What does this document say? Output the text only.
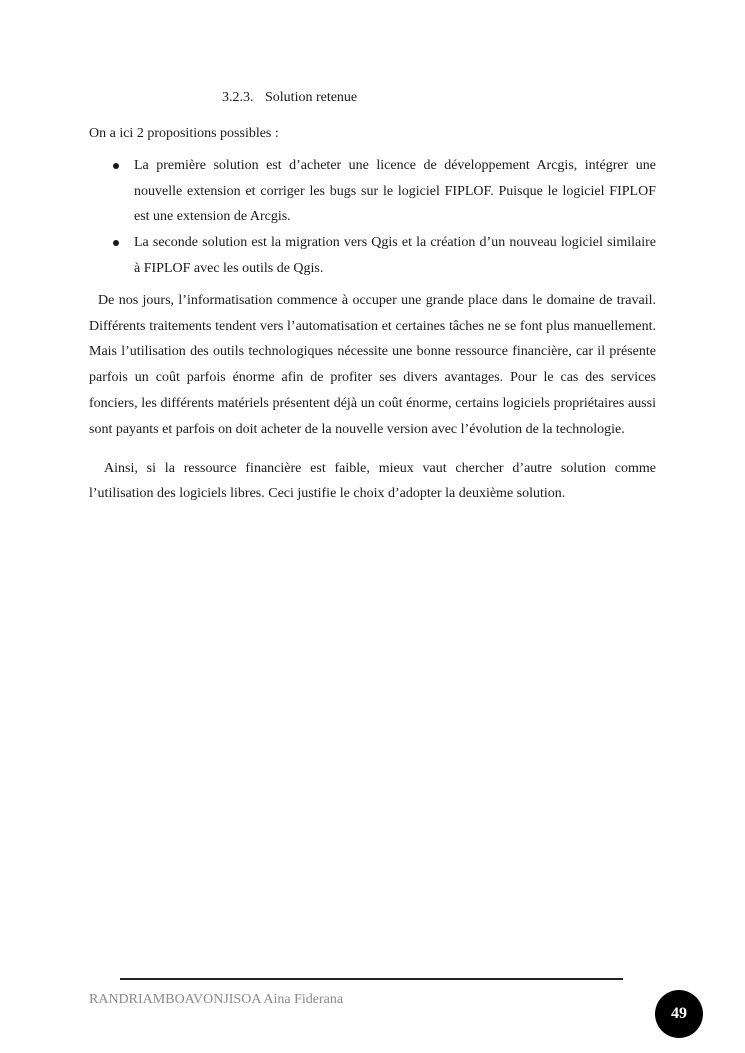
3.2.3. Solution retenue

On a ici 2 propositions possibles :

La première solution est d’acheter une licence de développement Arcgis, intégrer une nouvelle extension et corriger les bugs sur le logiciel FIPLOF. Puisque le logiciel FIPLOF est une extension de Arcgis.
La seconde solution est la migration vers Qgis et la création d’un nouveau logiciel similaire à FIPLOF avec les outils de Qgis.

De nos jours, l’informatisation commence à occuper une grande place dans le domaine de travail. Différents traitements tendent vers l’automatisation et certaines tâches ne se font plus manuellement. Mais l’utilisation des outils technologiques nécessite une bonne ressource financière, car il présente parfois un coût parfois énorme afin de profiter ses divers avantages. Pour le cas des services fonciers, les différents matériels présentent déjà un coût énorme, certains logiciels propriétaires aussi sont payants et parfois on doit acheter de la nouvelle version avec l’évolution de la technologie.

Ainsi, si la ressource financière est faible, mieux vaut chercher d’autre solution comme l’utilisation des logiciels libres. Ceci justifie le choix d’adopter la deuxième solution.

RANDRIAMBOAVONJISOA Aina Fiderana
49
